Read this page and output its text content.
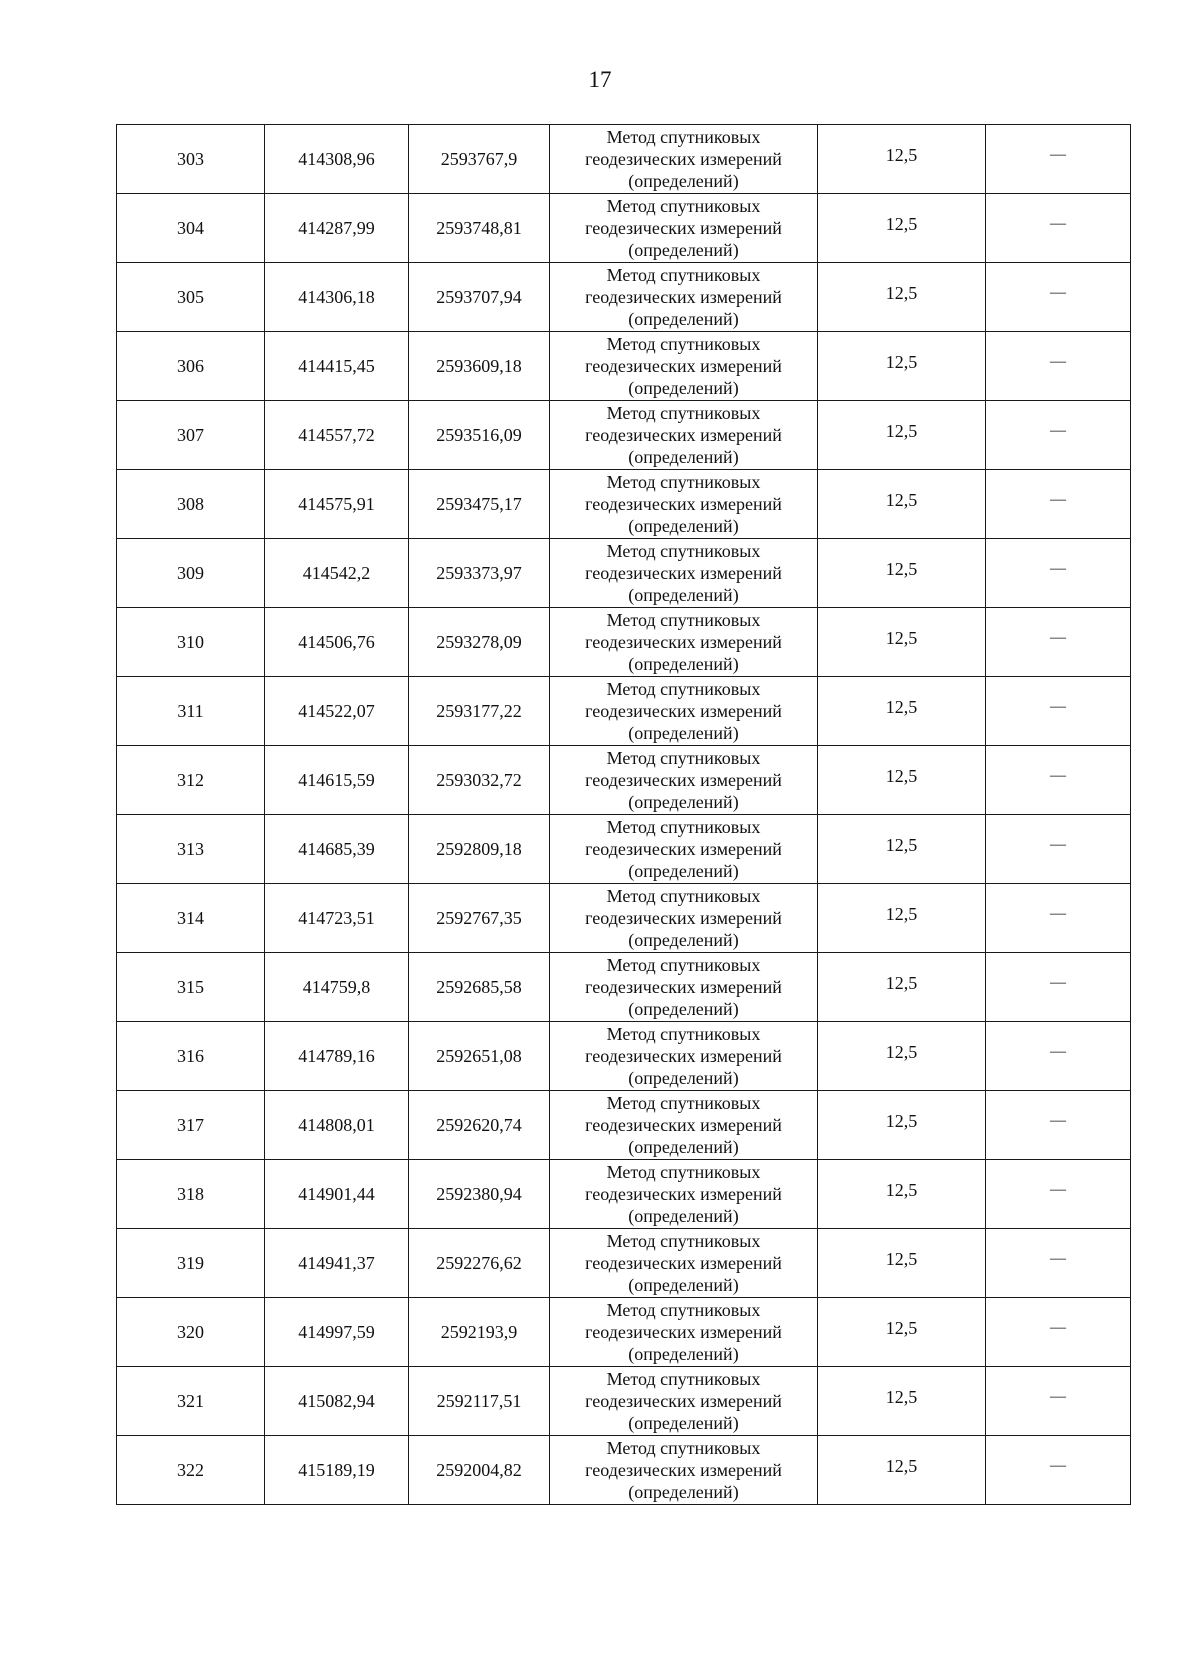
17
303	414308,96	2593767,9	Метод спутниковых
геодезических измерений
(определений)	12,5	—
304	414287,99	2593748,81	Метод спутниковых
геодезических измерений
(определений)	12,5	—
305	414306,18	2593707,94	Метод спутниковых
геодезических измерений
(определений)	12,5	—
306	414415,45	2593609,18	Метод спутниковых
геодезических измерений
(определений)	12,5	—
307	414557,72	2593516,09	Метод спутниковых
геодезических измерений
(определений)	12,5	—
308	414575,91	2593475,17	Метод спутниковых
геодезических измерений
(определений)	12,5	—
309	414542,2	2593373,97	Метод спутниковых
геодезических измерений
(определений)	12,5	—
310	414506,76	2593278,09	Метод спутниковых
геодезических измерений
(определений)	12,5	—
311	414522,07	2593177,22	Метод спутниковых
геодезических измерений
(определений)	12,5	—
312	414615,59	2593032,72	Метод спутниковых
геодезических измерений
(определений)	12,5	—
313	414685,39	2592809,18	Метод спутниковых
геодезических измерений
(определений)	12,5	—
314	414723,51	2592767,35	Метод спутниковых
геодезических измерений
(определений)	12,5	—
315	414759,8	2592685,58	Метод спутниковых
геодезических измерений
(определений)	12,5	—
316	414789,16	2592651,08	Метод спутниковых
геодезических измерений
(определений)	12,5	—
317	414808,01	2592620,74	Метод спутниковых
геодезических измерений
(определений)	12,5	—
318	414901,44	2592380,94	Метод спутниковых
геодезических измерений
(определений)	12,5	—
319	414941,37	2592276,62	Метод спутниковых
геодезических измерений
(определений)	12,5	—
320	414997,59	2592193,9	Метод спутниковых
геодезических измерений
(определений)	12,5	—
321	415082,94	2592117,51	Метод спутниковых
геодезических измерений
(определений)	12,5	—
322	415189,19	2592004,82	Метод спутниковых
геодезических измерений
(определений)	12,5	—
